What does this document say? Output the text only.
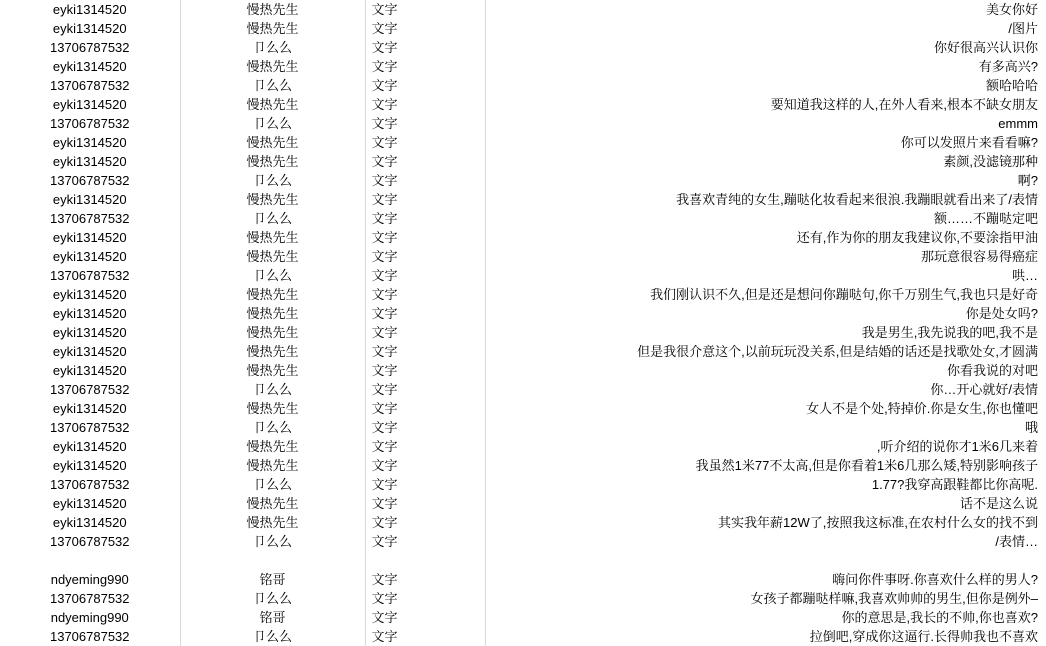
eyki1314520	慢热先生	文字	美女你好
eyki1314520	慢热先生	文字	/图片
13706787532	卩么么	文字	你好很高兴认识你
eyki1314520	慢热先生	文字	有多高兴?
13706787532	卩么么	文字	额哈哈哈
eyki1314520	慢热先生	文字	要知道我这样的人,在外人看来,根本不缺女朋友
13706787532	卩么么	文字	emmm
eyki1314520	慢热先生	文字	你可以发照片来看看嘛?
eyki1314520	慢热先生	文字	素颜,没滤镜那种
13706787532	卩么么	文字	啊?
eyki1314520	慢热先生	文字	我喜欢青纯的女生,蹦哒化妆看起来很浪.我蹦眼就看出来了/表情
13706787532	卩么么	文字	额……不蹦哒定吧
eyki1314520	慢热先生	文字	还有,作为你的朋友我建议你,不要涂指甲油
eyki1314520	慢热先生	文字	那玩意很容易得癌症
13706787532	卩么么	文字	哄…
eyki1314520	慢热先生	文字	我们刚认识不久,但是还是想问你蹦哒句,你千万别生气,我也只是好奇
eyki1314520	慢热先生	文字	你是处女吗?
eyki1314520	慢热先生	文字	我是男生,我先说我的吧,我不是
eyki1314520	慢热先生	文字	但是我很介意这个,以前玩玩没关系,但是结婚的话还是找歌处女,才圆满
eyki1314520	慢热先生	文字	你看我说的对吧
13706787532	卩么么	文字	你…开心就好/表情
eyki1314520	慢热先生	文字	女人不是个处,特掉价.你是女生,你也懂吧
13706787532	卩么么	文字	哦
eyki1314520	慢热先生	文字	,听介绍的说你才1米6几来着
eyki1314520	慢热先生	文字	我虽然1米77不太高,但是你看着1米6几那么矮,特别影响孩子
13706787532	卩么么	文字	1.77?我穿高跟鞋都比你高呢.
eyki1314520	慢热先生	文字	话不是这么说
eyki1314520	慢热先生	文字	其实我年薪12W了,按照我这标准,在农村什么女的找不到
13706787532	卩么么	文字	/表情…

ndyeming990	铭哥	文字	嗨问你件事呀.你喜欢什么样的男人?
13706787532	卩么么	文字	女孩子都蹦哒样嘛,我喜欢帅帅的男生,但你是例外–
ndyeming990	铭哥	文字	你的意思是,我长的不帅,你也喜欢?
13706787532	卩么么	文字	拉倒吧,穿成你这逼行.长得帅我也不喜欢
